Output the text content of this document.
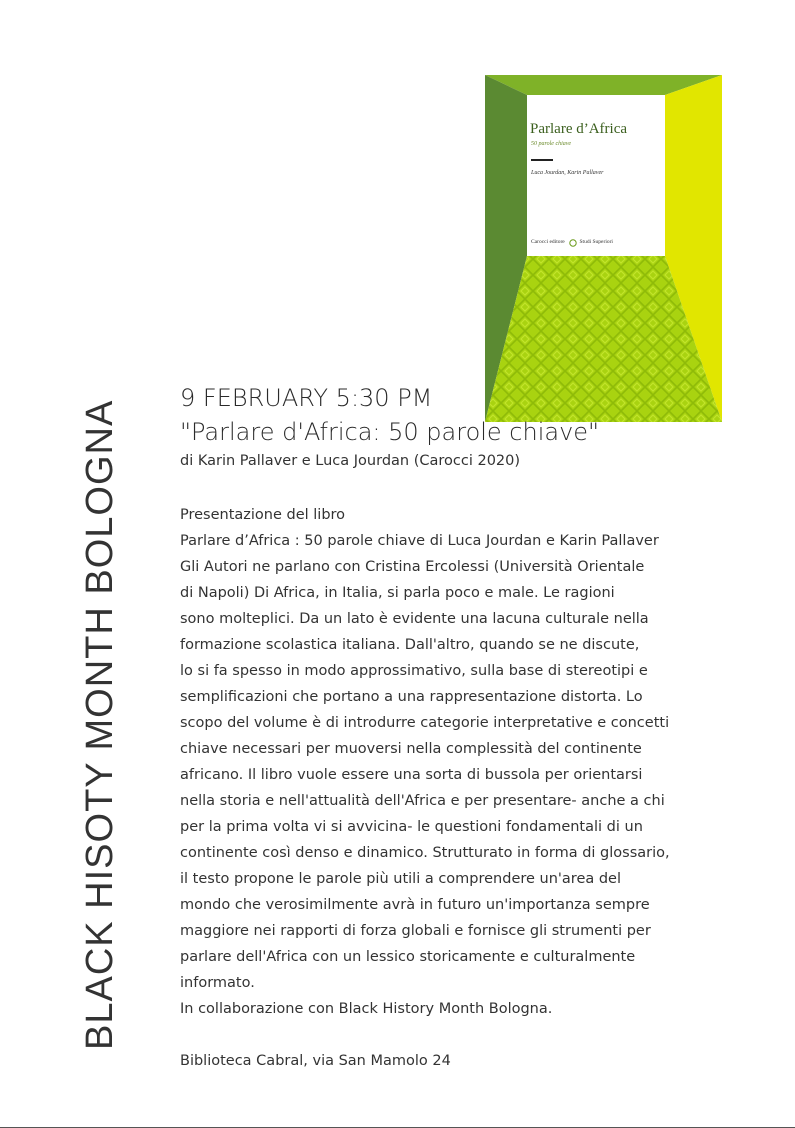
BLACK HISOTY MONTH BOLOGNA
Parlare d’Africa
50 parole chiave
Luca Jourdan, Karin Pallaver
Carocci editore	Studi Superiori
9 FEBRUARY 5:30 PM
"Parlare d'Africa: 50 parole chiave"
di Karin Pallaver e Luca Jourdan (Carocci 2020)

Presentazione del libro

Parlare d’Africa : 50 parole chiave di Luca Jourdan e Karin Pallaver

Gli Autori ne parlano con Cristina Ercolessi (Università Orientale

di Napoli) Di Africa, in Italia, si parla poco e male. Le ragioni

sono molteplici. Da un lato è evidente una lacuna culturale nella

formazione scolastica italiana. Dall'altro, quando se ne discute,

lo si fa spesso in modo approssimativo, sulla base di stereotipi e

semplificazioni che portano a una rappresentazione distorta. Lo

scopo del volume è di introdurre categorie interpretative e concetti

chiave necessari per muoversi nella complessità del continente

africano. Il libro vuole essere una sorta di bussola per orientarsi

nella storia e nell'attualità dell'Africa e per presentare- anche a chi

per la prima volta vi si avvicina- le questioni fondamentali di un

continente così denso e dinamico. Strutturato in forma di glossario,

il testo propone le parole più utili a comprendere un'area del

mondo che verosimilmente avrà in futuro un'importanza sempre

maggiore nei rapporti di forza globali e fornisce gli strumenti per

parlare dell'Africa con un lessico storicamente e culturalmente

informato.

In collaborazione con Black History Month Bologna.

Biblioteca Cabral, via San Mamolo 24
